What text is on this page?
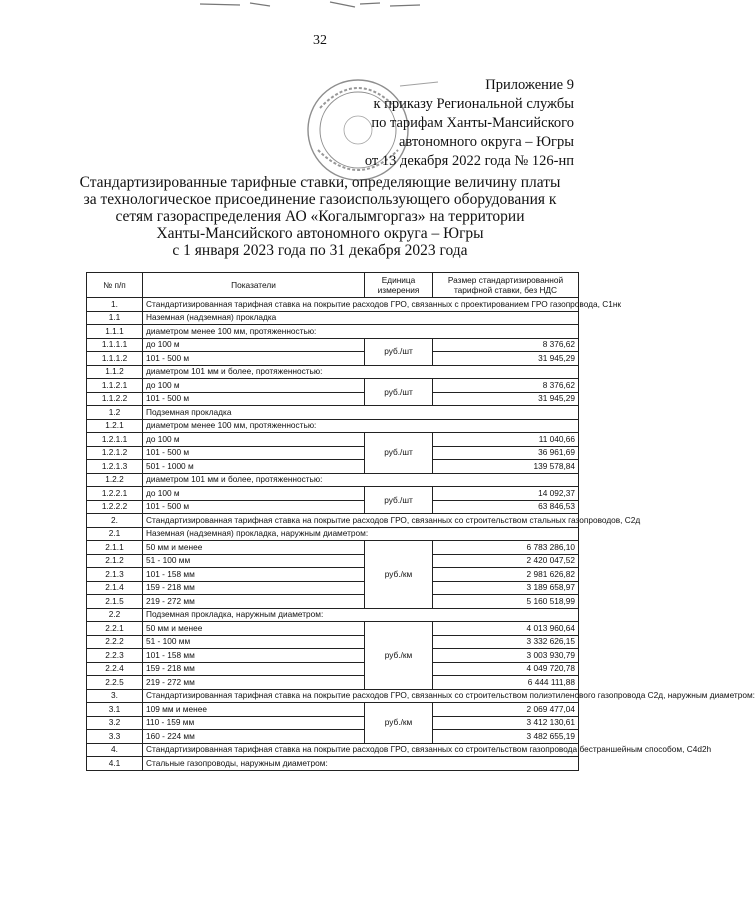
32
Приложение 9
к приказу Региональной службы
по тарифам Ханты-Мансийского
автономного округа – Югры
от 13 декабря 2022 года № 126-нп
Стандартизированные тарифные ставки, определяющие величину платы
за технологическое присоединение газоиспользующего оборудования к
сетям газораспределения АО «Когалымгоргаз» на территории
Ханты-Мансийского автономного округа – Югры
с 1 января 2023 года по 31 декабря 2023 года
№ п/п	Показатели	Единица измерения	Размер стандартизированной тарифной ставки, без НДС
1.	Стандартизированная тарифная ставка на покрытие расходов ГРО, связанных с проектированием ГРО газопровода, C1нк		
1.1	Наземная (надземная) прокладка		
1.1.1	диаметром менее 100 мм, протяженностью:		
1.1.1.1	до 100 м	руб./шт	8 376,62
1.1.1.2	101 - 500 м		31 945,29
1.1.2	диаметром 101 мм и более, протяженностью:		
1.1.2.1	до 100 м	руб./шт	8 376,62
1.1.2.2	101 - 500 м		31 945,29
1.2	Подземная прокладка		
1.2.1	диаметром менее 100 мм, протяженностью:		
1.2.1.1	до 100 м	руб./шт	11 040,66
1.2.1.2	101 - 500 м		36 961,69
1.2.1.3	501 - 1000 м		139 578,84
1.2.2	диаметром 101 мм и более, протяженностью:		
1.2.2.1	до 100 м	руб./шт	14 092,37
1.2.2.2	101 - 500 м		63 846,53
2.	Стандартизированная тарифная ставка на покрытие расходов ГРО, связанных со строительством стальных газопроводов, C2д		
2.1	Наземная (надземная) прокладка, наружным диаметром:		
2.1.1	50 мм и менее	руб./км	6 783 286,10
2.1.2	51 - 100 мм		2 420 047,52
2.1.3	101 - 158 мм		2 981 626,82
2.1.4	159 - 218 мм		3 189 658,97
2.1.5	219 - 272 мм		5 160 518,99
2.2	Подземная прокладка, наружным диаметром:		
2.2.1	50 мм и менее	руб./км	4 013 960,64
2.2.2	51 - 100 мм		3 332 626,15
2.2.3	101 - 158 мм		3 003 930,79
2.2.4	159 - 218 мм		4 049 720,78
2.2.5	219 - 272 мм		6 444 111,88
3.	Стандартизированная тарифная ставка на покрытие расходов ГРО, связанных со строительством полиэтиленового газопровода C2д, наружным диаметром:		
3.1	109 мм и менее	руб./км	2 069 477,04
3.2	110 - 159 мм		3 412 130,61
3.3	160 - 224 мм		3 482 655,19
4.	Стандартизированная тарифная ставка на покрытие расходов ГРО, связанных со строительством газопровода бестраншейным способом, C4d2h		
4.1	Стальные газопроводы, наружным диаметром:		
